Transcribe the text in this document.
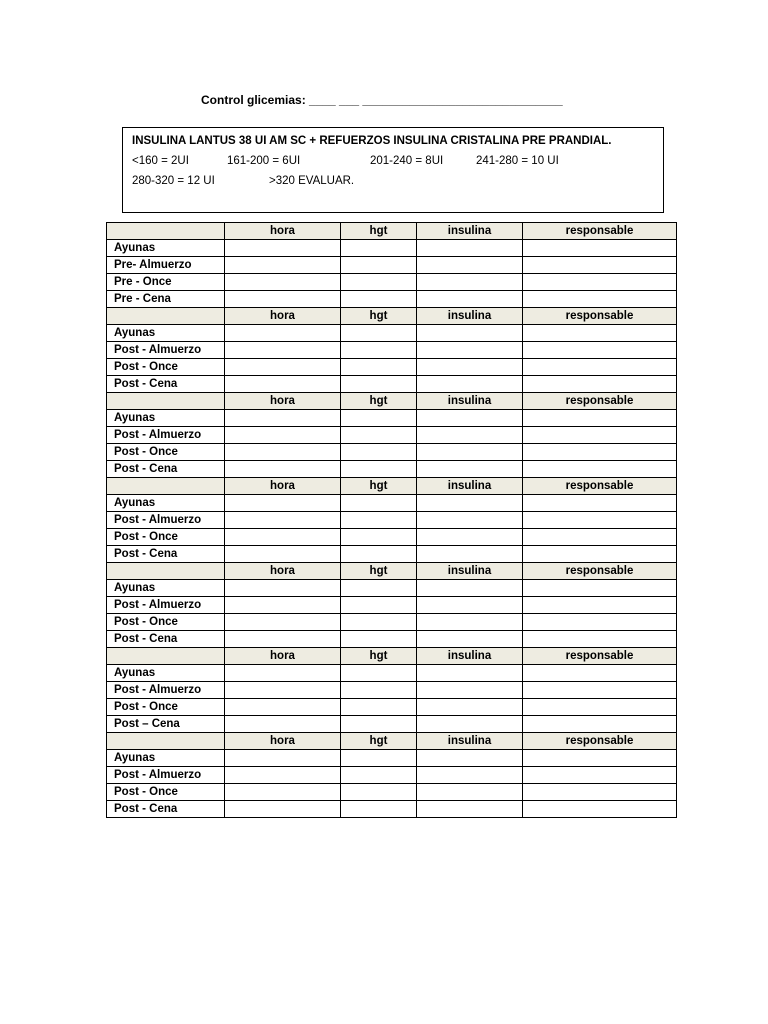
Control glicemias: ____ ___ ______________________________
INSULINA LANTUS 38 UI AM SC + REFUERZOS INSULINA CRISTALINA PRE PRANDIAL.
<160 = 2UI	161-200 = 6UI	201-240 = 8UI	241-280 = 10 UI
280-320 = 12 UI	>320 EVALUAR.
	hora	hgt	insulina	responsable
Ayunas				
Pre- Almuerzo				
Pre - Once				
Pre - Cena				
	hora	hgt	insulina	responsable
Ayunas				
Post - Almuerzo				
Post - Once				
Post - Cena				
	hora	hgt	insulina	responsable
Ayunas				
Post - Almuerzo				
Post - Once				
Post - Cena				
	hora	hgt	insulina	responsable
Ayunas				
Post - Almuerzo				
Post - Once				
Post - Cena				
	hora	hgt	insulina	responsable
Ayunas				
Post - Almuerzo				
Post - Once				
Post - Cena				
	hora	hgt	insulina	responsable
Ayunas				
Post - Almuerzo				
Post - Once				
Post – Cena				
	hora	hgt	insulina	responsable
Ayunas				
Post - Almuerzo				
Post - Once				
Post - Cena				
